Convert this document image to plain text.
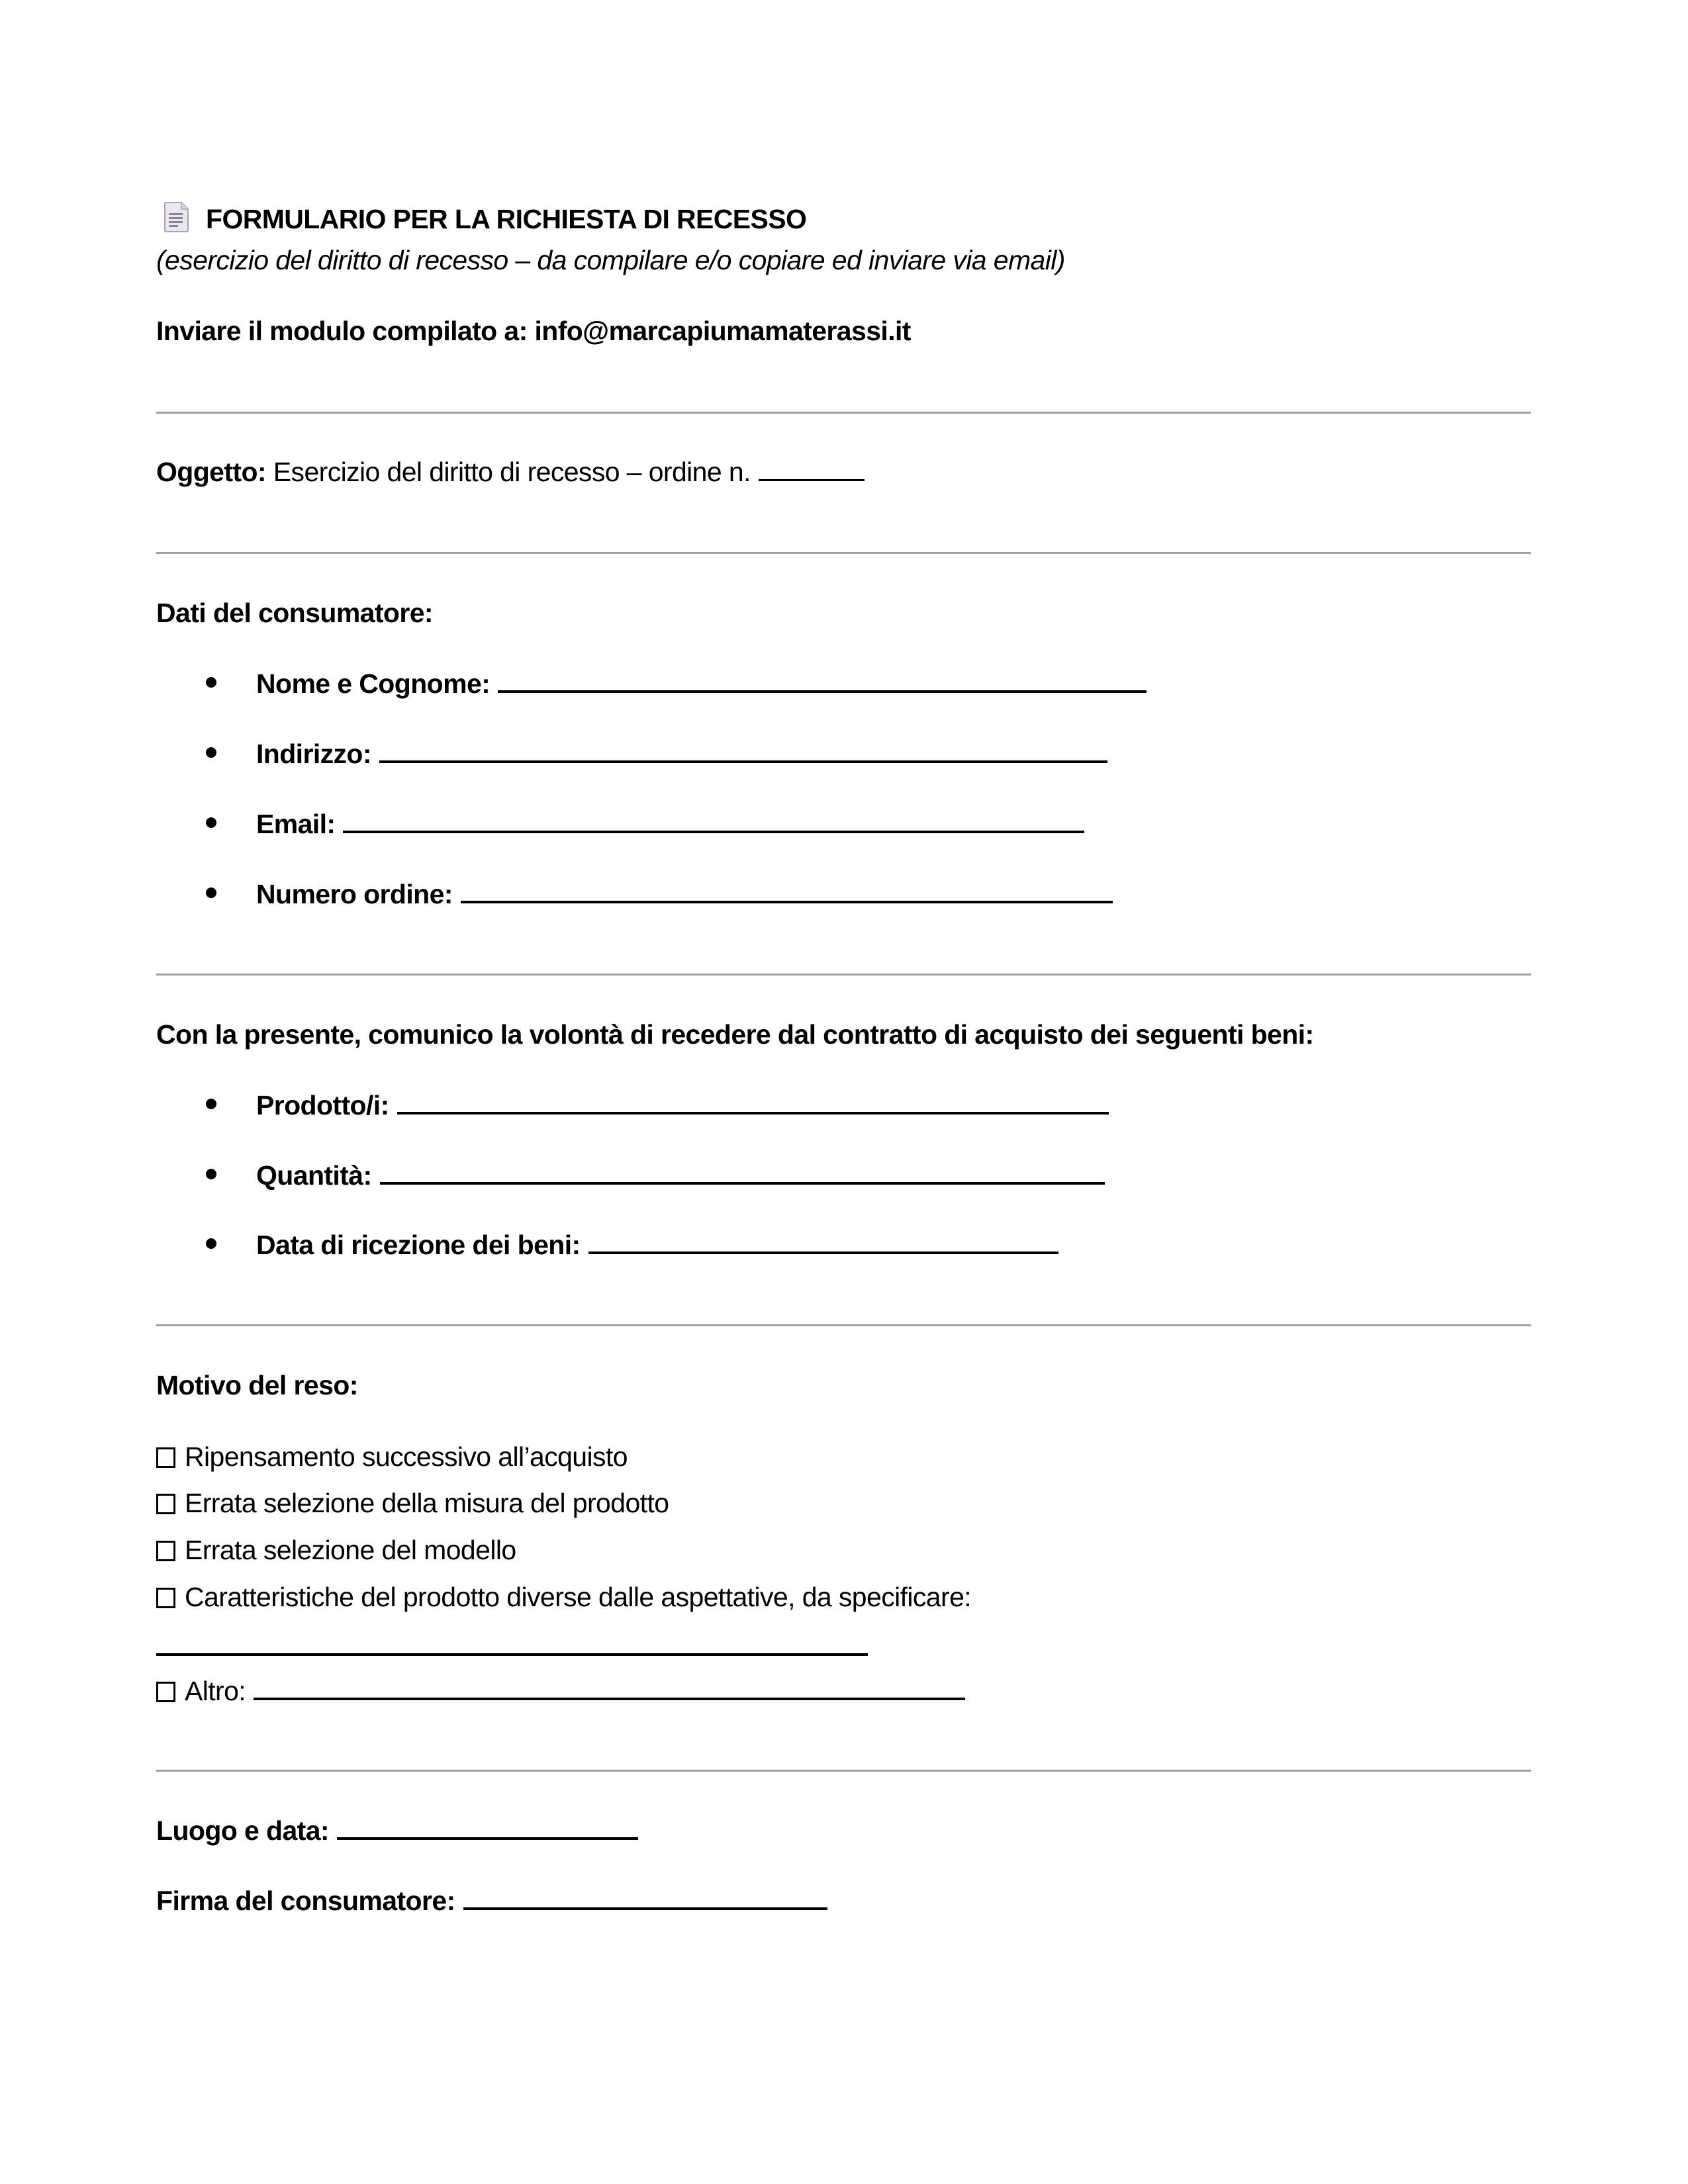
FORMULARIO PER LA RICHIESTA DI RECESSO
(esercizio del diritto di recesso – da compilare e/o copiare ed inviare via email)
Inviare il modulo compilato a: info@marcapiumamaterassi.it
Oggetto: Esercizio del diritto di recesso – ordine n.
Dati del consumatore:
Nome e Cognome:
Indirizzo:
Email:
Numero ordine:
Con la presente, comunico la volontà di recedere dal contratto di acquisto dei seguenti beni:
Prodotto/i:
Quantità:
Data di ricezione dei beni:
Motivo del reso:
Ripensamento successivo all’acquisto
Errata selezione della misura del prodotto
Errata selezione del modello
Caratteristiche del prodotto diverse dalle aspettative, da specificare:
Altro:
Luogo e data:
Firma del consumatore:
